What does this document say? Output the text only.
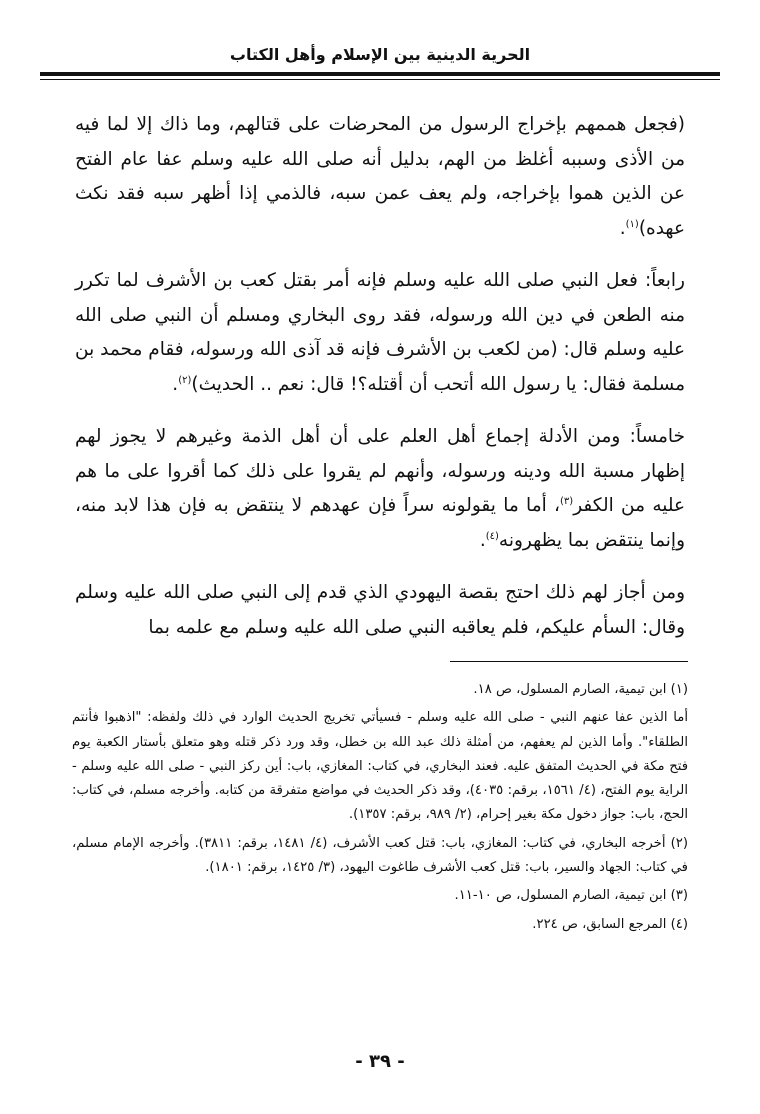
الحرية الدينية بين الإسلام وأهل الكتاب

(فجعل هممهم بإخراج الرسول من المحرضات على قتالهم، وما ذاك إلا لما فيه من الأذى وسببه أغلظ من الهم، بدليل أنه صلى الله عليه وسلم عفا عام الفتح عن الذين هموا بإخراجه، ولم يعف عمن سبه، فالذمي إذا أظهر سبه فقد نكث عهده)$^{(١)}$.

رابعاً: فعل النبي صلى الله عليه وسلم فإنه أمر بقتل كعب بن الأشرف لما تكرر منه الطعن في دين الله ورسوله، فقد روى البخاري ومسلم أن النبي صلى الله عليه وسلم قال: (من لكعب بن الأشرف فإنه قد آذى الله ورسوله، فقام محمد بن مسلمة فقال: يا رسول الله أتحب أن أقتله؟! قال: نعم .. الحديث)$^{(٢)}$.

خامساً: ومن الأدلة إجماع أهل العلم على أن أهل الذمة وغيرهم لا يجوز لهم إظهار مسبة الله ودينه ورسوله، وأنهم لم يقروا على ذلك كما أقروا على ما هم عليه من الكفر$^{(٣)}$، أما ما يقولونه سراً فإن عهدهم لا ينتقض به فإن هذا لابد منه، وإنما ينتقض بما يظهرونه$^{(٤)}$.

ومن أجاز لهم ذلك احتج بقصة اليهودي الذي قدم إلى النبي صلى الله عليه وسلم وقال: السأم عليكم، فلم يعاقبه النبي صلى الله عليه وسلم مع علمه بما

(١) ابن تيمية، الصارم المسلول، ص ١٨.

أما الذين عفا عنهم النبي - صلى الله عليه وسلم - فسيأتي تخريج الحديث الوارد في ذلك ولفظه: "اذهبوا فأنتم الطلقاء". وأما الذين لم يعفهم، من أمثلة ذلك عبد الله بن خطل، وقد ورد ذكر قتله وهو متعلق بأستار الكعبة يوم فتح مكة في الحديث المتفق عليه. فعند البخاري، في كتاب: المغازي، باب: أين ركز النبي - صلى الله عليه وسلم - الراية يوم الفتح، (٤/ ١٥٦١، برقم: ٤٠٣٥)، وقد ذكر الحديث في مواضع متفرقة من كتابه. وأخرجه مسلم، في كتاب: الحج، باب: جواز دخول مكة بغير إحرام، (٢/ ٩٨٩، برقم: ١٣٥٧).

(٢) أخرجه البخاري، في كتاب: المغازي، باب: قتل كعب الأشرف، (٤/ ١٤٨١، برقم: ٣٨١١). وأخرجه الإمام مسلم، في كتاب: الجهاد والسير، باب: قتل كعب الأشرف طاغوت اليهود، (٣/ ١٤٢٥، برقم: ١٨٠١).

(٣) ابن تيمية، الصارم المسلول، ص ١٠-١١.

(٤) المرجع السابق، ص ٢٢٤.

- ٣٩ -
